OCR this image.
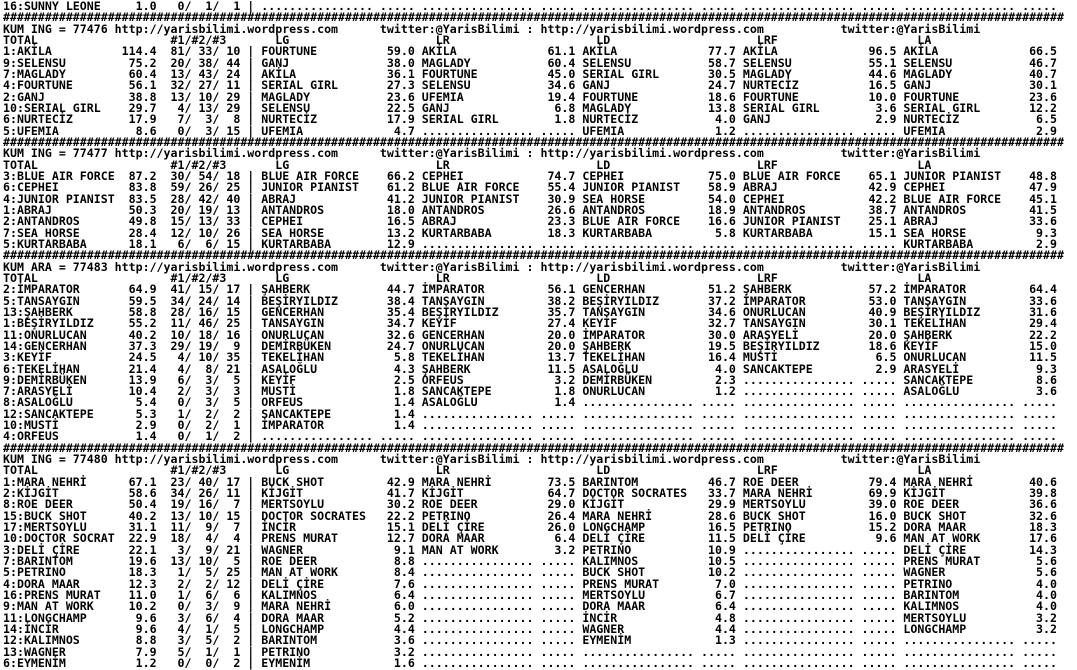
16:SUNNY LEONE     1.0   0/  1/  1 | ................ ..... ................ ..... ................ ..... ................ ..... ................ .....
########################################################################################################################################################
KUM ING = 77476 http://yarisbilimi.wordpress.com      twitter:@YarisBilimi : http://yarisbilimi.wordpress.com           twitter:@YarisBilimi
TOTAL                   #1/#2/#3       LG                     LR                     LD                     LRF                    LA
1:AKİLA          114.4  81/ 33/ 10 | FOURTUNE          59.0 AKİLA             61.1 AKİLA             77.7 AKİLA             96.5 AKİLA             66.5
9:SELENSU         75.2  20/ 38/ 44 | GANJ              38.0 MAGLADY           60.4 SELENSU           58.7 SELENSU           55.1 SELENSU           46.7
7:MAGLADY         60.4  13/ 43/ 24 | AKİLA             36.1 FOURTUNE          45.0 SERIAL GIRL       30.5 MAGLADY           44.6 MAGLADY           40.7
4:FOURTUNE        56.1  32/ 27/ 11 | SERIAL GIRL       27.3 SELENSU           34.6 GANJ              24.7 NURTECİZ          16.5 GANJ              30.1
2:GANJ            38.8  13/ 10/ 29 | MAGLADY           23.6 UFEMIA            19.4 FOURTUNE          18.6 FOURTUNE          10.0 FOURTUNE          23.6
10:SERIAL GIRL    29.7   4/ 13/ 29 | SELENSU           22.5 GANJ               6.8 MAGLADY           13.8 SERIAL GIRL        3.6 SERIAL GIRL       12.2
6:NURTECİZ        17.9   7/  3/  8 | NURTECİZ          17.9 SERIAL GIRL        1.8 NURTECİZ           4.0 GANJ               2.9 NURTECİZ           6.5
5:UFEMIA           8.6   0/  3/ 15 | UFEMIA             4.7 ................ ..... UFEMIA             1.2 ................ ..... UFEMIA             2.9
########################################################################################################################################################
KUM ING = 77477 http://yarisbilimi.wordpress.com      twitter:@YarisBilimi : http://yarisbilimi.wordpress.com           twitter:@YarisBilimi
TOTAL                   #1/#2/#3       LG                     LR                     LD                     LRF                    LA
3:BLUE AIR FORCE  87.2  30/ 54/ 18 | BLUE AIR FORCE    66.2 CEPHEI            74.7 CEPHEI            75.0 BLUE AIR FORCE    65.1 JUNIOR PIANIST    48.8
6:CEPHEI          83.8  59/ 26/ 25 | JUNIOR PIANIST    61.2 BLUE AIR FORCE    55.4 JUNIOR PIANIST    58.9 ABRAJ             42.9 CEPHEI            47.9
4:JUNIOR PIANIST  83.5  28/ 42/ 40 | ABRAJ             41.2 JUNIOR PIANIST    30.9 SEA HORSE         54.0 CEPHEI            42.2 BLUE AIR FORCE    45.1
1:ABRAJ           50.3  20/ 19/ 13 | ANTANDROS         18.0 ANTANDROS         26.6 ANTANDROS         18.9 ANTANDROS         38.7 ANTANDROS         41.5
2:ANTANDROS       49.8  15/ 13/ 33 | CEPHEI            16.5 ABRAJ             23.3 BLUE AIR FORCE    16.6 JUNIOR PIANIST    25.1 ABRAJ             33.6
7:SEA HORSE       28.4  12/ 10/ 26 | SEA HORSE         13.2 KURTARBABA        18.3 KURTARBABA         5.8 KURTARBABA        15.1 SEA HORSE          9.3
5:KURTARBABA      18.1   6/  6/ 15 | KURTARBABA        12.9 ................ ..... ................ ..... ................ ..... KURTARBABA         2.9
########################################################################################################################################################
KUM ARA = 77483 http://yarisbilimi.wordpress.com      twitter:@YarisBilimi : http://yarisbilimi.wordpress.com           twitter:@YarisBilimi
TOTAL                   #1/#2/#3       LG                     LR                     LD                     LRF                    LA
2:İMPARATOR       64.9  41/ 15/ 17 | ŞAHBERK           44.7 İMPARATOR         56.1 GENCERHAN         51.2 ŞAHBERK           57.2 İMPARATOR         64.4
5:TANSAYGIN       59.5  34/ 24/ 14 | BEŞİRYILDIZ       38.4 TANSAYGIN         38.2 BEŞİRYILDIZ       37.2 İMPARATOR         53.0 TANSAYGIN         33.6
13:ŞAHBERK        58.8  28/ 16/ 15 | GENCERHAN         35.4 BEŞİRYILDIZ       35.7 TANSAYGIN         34.6 ONURLUCAN         40.9 BEŞİRYILDIZ       31.6
1:BEŞİRYILDIZ     55.2  11/ 46/ 25 | TANSAYGIN         34.7 KEYİF             27.4 KEYİF             32.7 TANSAYGIN         30.1 TEKELİHAN         29.4
11:ONURLUCAN      40.2  10/ 18/ 16 | ONURLUCAN         32.6 GENCERHAN         20.0 İMPARATOR         30.0 ARASYELİ          20.0 ŞAHBERK           22.2
14:GENCERHAN      37.3  29/ 19/  9 | DEMİRBÜKEN        24.7 ONURLUCAN         20.0 ŞAHBERK           19.5 BEŞİRYILDIZ       18.6 KEYİF             15.0
3:KEYİF           24.5   4/ 10/ 35 | TEKELİHAN          5.8 TEKELİHAN         13.7 TEKELİHAN         16.4 MUSTİ              6.5 ONURLUCAN         11.5
6:TEKELİHAN       21.4   4/  8/ 21 | ASALOĞLU           4.3 ŞAHBERK           11.5 ASALOĞLU           4.0 SANCAKTEPE         2.9 ARASYELİ           9.3
9:DEMİRBÜKEN      13.9   6/  3/  5 | KEYİF              2.5 ORFEUS             3.2 DEMİRBÜKEN         2.3 ................ ..... SANCAKTEPE         8.6
7:ARASYELİ        10.4   2/  3/  3 | MUSTİ              1.8 SANCAKTEPE         1.8 ONURLUCAN          1.2 ................ ..... ASALOĞLU           3.6
8:ASALOĞLU         5.4   0/  3/  5 | ORFEUS             1.4 ASALOĞLU           1.4 ................ ..... ................ ..... ................ .....
12:SANCAKTEPE      5.3   1/  2/  2 | SANCAKTEPE         1.4 ................ ..... ................ ..... ................ ..... ................ .....
10:MUSTİ           2.9   0/  2/  1 | İMPARATOR          1.4 ................ ..... ................ ..... ................ ..... ................ .....
4:ORFEUS           1.4   0/  1/  2 | ................ ..... ................ ..... ................ ..... ................ ..... ................ .....
########################################################################################################################################################
KUM ING = 77480 http://yarisbilimi.wordpress.com      twitter:@YarisBilimi : http://yarisbilimi.wordpress.com           twitter:@YarisBilimi
TOTAL                   #1/#2/#3       LG                     LR                     LD                     LRF                    LA
1:MARA NEHRİ      67.1  23/ 40/ 17 | BUCK SHOT         42.9 MARA NEHRİ        73.5 BARINTOM          46.7 ROE DEER          79.4 MARA NEHRİ        40.6
2:KİJGİT          58.6  34/ 26/ 11 | KİJGİT            41.7 KİJGİT            64.7 DOCTOR SOCRATES   33.7 MARA NEHRİ        69.9 KİJGİT            39.8
8:ROE DEER        50.4  19/ 16/  7 | MERTSOYLU         30.2 ROE DEER          29.0 KİJGİT            29.9 MERTSOYLU         39.0 ROE DEER          36.6
15:BUCK SHOT      40.2  13/ 10/ 15 | DOCTOR SOCRATES   22.2 PETRINO           26.4 MARA NEHRİ        28.6 BUCK SHOT         16.0 BUCK SHOT         32.6
17:MERTSOYLU      31.1  11/  9/  7 | İNCİR             15.1 DELİ ÇİRE         26.0 LONGCHAMP         16.5 PETRINO           15.2 DORA MAAR         18.3
10:DOCTOR SOCRAT  22.9  18/  4/  4 | PRENS MURAT       12.7 DORA MAAR          6.4 DELİ ÇİRE         11.5 DELİ ÇİRE          9.6 MAN AT WORK       17.6
3:DELİ ÇİRE       22.1   3/  9/ 21 | WAGNER             9.1 MAN AT WORK        3.2 PETRINO           10.9 ................ ..... DELİ ÇİRE         14.3
7:BARINTOM        19.6  13/ 10/  5 | ROE DEER           8.8 ................ ..... KALIMNOS          10.5 ................ ..... PRENS MURAT        5.6
5:PETRINO         18.3   1/  5/ 25 | MAN AT WORK        8.4 ................ ..... BUCK SHOT         10.2 ................ ..... WAGNER             5.6
4:DORA MAAR       12.3   2/  2/ 12 | DELİ ÇİRE          7.6 ................ ..... PRENS MURAT        7.0 ................ ..... PETRINO            4.0
16:PRENS MURAT    11.0   1/  6/  6 | KALIMNOS           6.4 ................ ..... MERTSOYLU          6.7 ................ ..... BARINTOM           4.0
9:MAN AT WORK     10.2   0/  3/  9 | MARA NEHRİ         6.0 ................ ..... DORA MAAR          6.4 ................ ..... KALIMNOS           4.0
11:LONGCHAMP       9.6   3/  6/  4 | DORA MAAR          5.2 ................ ..... İNCİR              4.8 ................ ..... MERTSOYLU          3.2
14:İNCİR           9.6   4/  1/  5 | LONGCHAMP          4.4 ................ ..... WAGNER             4.4 ................ ..... LONGCHAMP          3.2
12:KALIMNOS        8.8   3/  5/  2 | BARINTOM           3.6 ................ ..... EYMENİM            1.3 ................ ..... ................ .....
13:WAGNER          7.9   5/  1/  1 | PETRINO            3.2 ................ ..... ................ ..... ................ ..... ................ .....
6:EYMENİM          1.2   0/  0/  2 | EYMENİM            1.6 ................ ..... ................ ..... ................ ..... ................ .....
